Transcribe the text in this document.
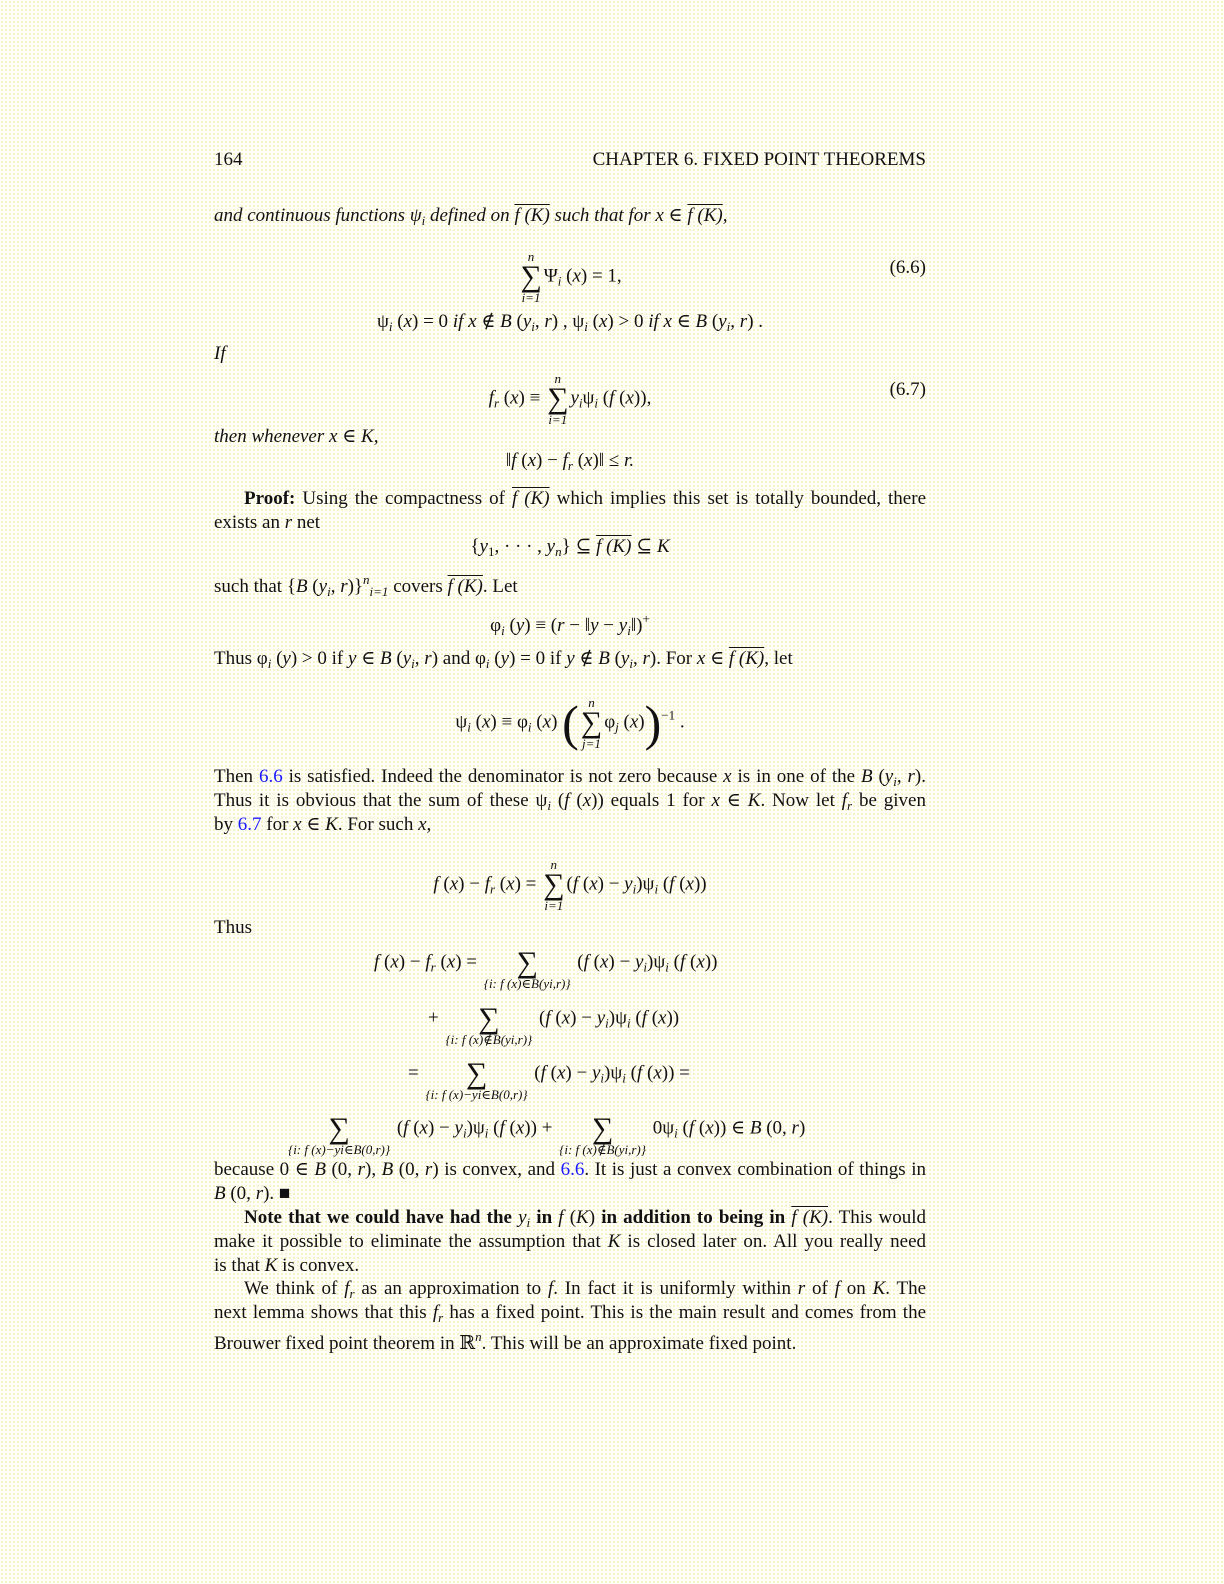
164	CHAPTER 6. FIXED POINT THEOREMS
and continuous functions $\psi_i$ defined on f (K) such that for x ∈ f (K),
n
∑
i=1
$\Psi_i$ (x) = 1,	(6.6)
$\psi_i$ (x) = 0 if x ∉ B ($y_i$, r) , $\psi_i$ (x) > 0 if x ∈ B ($y_i$, r) .
If
$f_r$ (x) ≡
n
∑
i=1
$y_i\psi_i$ (f (x)),	(6.7)
then whenever x ∈ K,
‖f $(x) - f_r$ (x)‖ ≤ r.
Proof: Using the compactness of f (K) which implies this set is totally bounded, there
exists an r net
{$y_1$, · · · , $y_n$} ⊆ f (K) ⊆ K
such that {B ($y_i$, r)}$^n_{i=1}$ covers f (K). Let
$\varphi_i$ (y) ≡ (r − ‖y − $y_i‖)^+$
Thus $\varphi_i$ (y) > 0 if y ∈ B ($y_i$, r) and $\varphi_i$ (y) = 0 if y ∉ B ($y_i$, r). For x ∈ f (K), let
$\psi_i$ $(x) \equiv \varphi_i$ (x) ( n
∑
j=1
$\varphi_j$ (x))$^{-1}$ .
Then 6.6 is satisfied. Indeed the denominator is not zero because x is in one of the B ($y_i$, r).
Thus it is obvious that the sum of these $\psi_i$ (f (x)) equals 1 for x ∈ K. Now let $f_r$ be given
by 6.7 for x ∈ K. For such x,
f $(x) - f_r$ (x) =
n
∑
i=1
(f $(x) - y_i)\psi_i$ (f (x))
Thus
f $(x) - f_r$ (x) =
	∑
{i: f (x)∈B(yi,r)}
(f $(x) - y_i)\psi_i$ (f (x))
+
	∑
{i: f (x)∉B(yi,r)}
(f $(x) - y_i)\psi_i$ (f (x))
=
	∑
{i: f (x)−yi∈B(0,r)}
(f $(x) - y_i)\psi_i$ (f (x)) =

∑
{i: f (x)−yi∈B(0,r)}
(f $(x) - y_i)\psi_i$ (f (x)) +
	∑
{i: f (x)∉B(yi,r)}
$0\psi_i$ (f (x)) ∈ B (0, r)
because 0 ∈ B (0, r), B (0, r) is convex, and 6.6. It is just a convex combination of things in
B (0, r). ■
Note that we could have had the $y_i$ in f (K) in addition to being in f (K). This would
make it possible to eliminate the assumption that K is closed later on. All you really need
is that K is convex.
We think of $f_r$ as an approximation to f. In fact it is uniformly within r of f on K. The
next lemma shows that this $f_r$ has a fixed point. This is the main result and comes from the
Brouwer fixed point theorem in ℝ$^n$. This will be an approximate fixed point.
